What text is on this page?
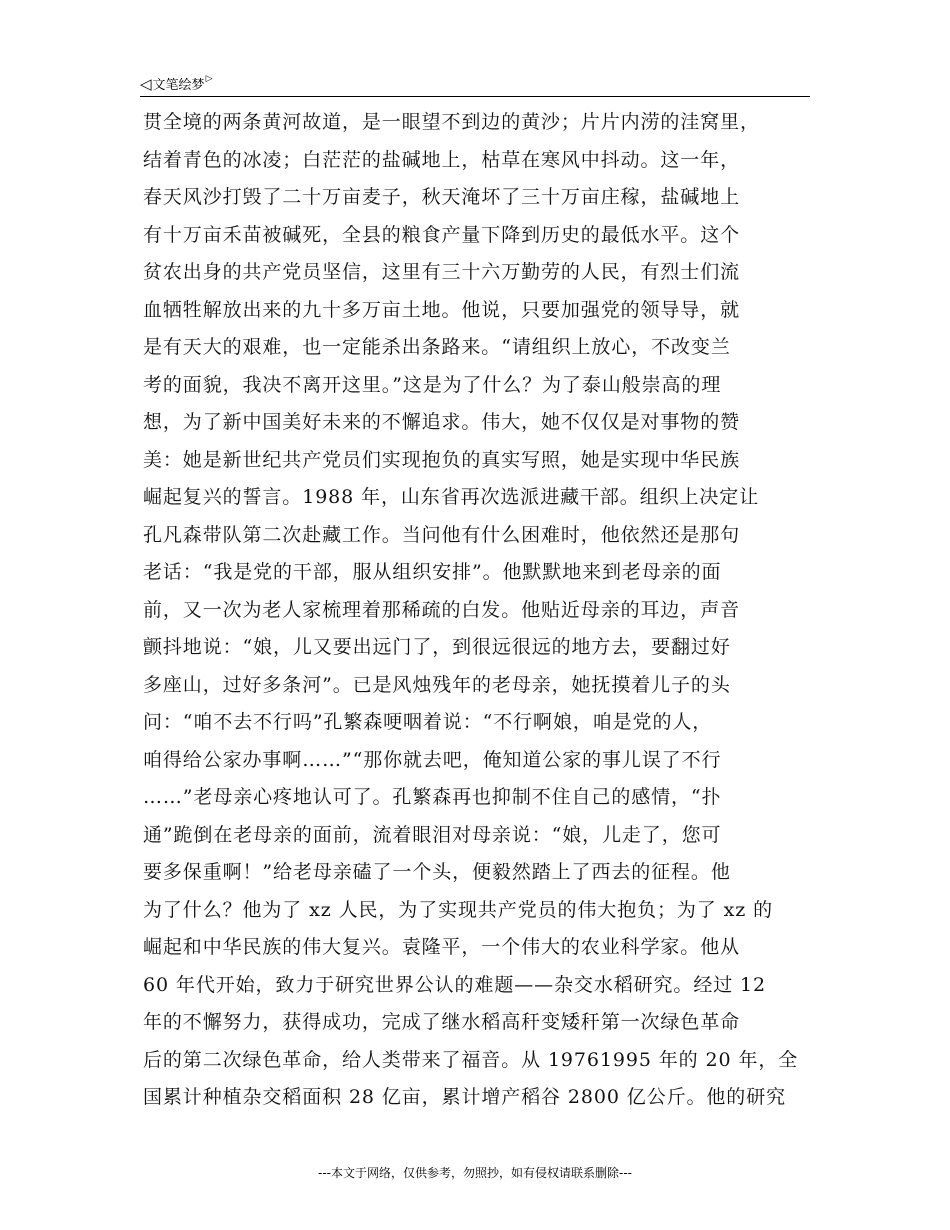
◁文笔绘梦▷
贯全境的两条黄河故道，是一眼望不到边的黄沙；片片内涝的洼窝里，
结着青色的冰凌；白茫茫的盐碱地上，枯草在寒风中抖动。这一年，
春天风沙打毁了二十万亩麦子，秋天淹坏了三十万亩庄稼，盐碱地上
有十万亩禾苗被碱死，全县的粮食产量下降到历史的最低水平。这个
贫农出身的共产党员坚信，这里有三十六万勤劳的人民，有烈士们流
血牺牲解放出来的九十多万亩土地。他说，只要加强党的领导导，就
是有天大的艰难，也一定能杀出条路来。“请组织上放心，不改变兰
考的面貌，我决不离开这里。”这是为了什么？为了泰山般崇高的理
想，为了新中国美好未来的不懈追求。伟大，她不仅仅是对事物的赞
美：她是新世纪共产党员们实现抱负的真实写照，她是实现中华民族
崛起复兴的誓言。1988 年，山东省再次选派进藏干部。组织上决定让
孔凡森带队第二次赴藏工作。当问他有什么困难时，他依然还是那句
老话：“我是党的干部，服从组织安排”。他默默地来到老母亲的面
前，又一次为老人家梳理着那稀疏的白发。他贴近母亲的耳边，声音
颤抖地说：“娘，儿又要出远门了，到很远很远的地方去，要翻过好
多座山，过好多条河”。已是风烛残年的老母亲，她抚摸着儿子的头
问：“咱不去不行吗”孔繁森哽咽着说：“不行啊娘，咱是党的人，
咱得给公家办事啊……”“那你就去吧，俺知道公家的事儿误了不行
……”老母亲心疼地认可了。孔繁森再也抑制不住自己的感情，“扑
通”跪倒在老母亲的面前，流着眼泪对母亲说：“娘，儿走了，您可
要多保重啊！”给老母亲磕了一个头，便毅然踏上了西去的征程。他
为了什么？他为了 xz 人民，为了实现共产党员的伟大抱负；为了 xz 的
崛起和中华民族的伟大复兴。袁隆平，一个伟大的农业科学家。他从
60 年代开始，致力于研究世界公认的难题——杂交水稻研究。经过 12
年的不懈努力，获得成功，完成了继水稻高秆变矮秆第一次绿色革命
后的第二次绿色革命，给人类带来了福音。从 19761995 年的 20 年，全
国累计种植杂交稻面积 28 亿亩，累计增产稻谷 2800 亿公斤。他的研究
---本文于网络，仅供参考，勿照抄，如有侵权请联系删除---
